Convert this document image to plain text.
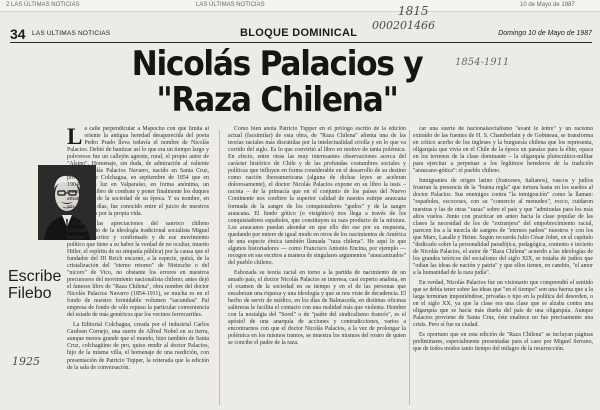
2 LAS ÚLTIMAS NOTICIAS	LAS ÚLTIMAS NOTICIAS	10 de Mayo de 1987
1815
000201466
34 LAS ULTIMAS NOTICIAS	BLOQUE DOMINICAL	Domingo 10 de Mayo de 1987
Nicolás Palacios y
"Raza Chilena"
1854-1911
Escribe
Filebo
1925

La calle perpendicular a Mapocho con que limita al oriente la antigua heredad desaparecida del poeta Pedro Prado lleva todavía el nombre de Nicolás Palacios. Debió de bautizar así lo que era un tiempo largo y polvoroso fue un callejón agreste, rural, el propio autor de "Alsino". Homenaje, sin duda, de admiración al valiente doctor Nicolás Palacios Navarro, nacido en Santa Cruz, provincia de Colchagua, en septiembre de 1854 que en 1904 dio a luz en Valparaíso, en forma anónima, un manuscrito libro de combate y poner finalmente los duques amazónicos de la sociedad de su época. Y su nombre, en sus últimos días, fue conocido entre el juicio de nuestros historiadores por la propia vida.

Contra las apreciaciones del sanroco chileno contradictorio de la ideología tradicional socialista Miguel Serrano (escritor y confirmado y de ese movimiento político que tiene a su haber la verdad de no ocultar, muerto Hitler, el espíritu de su simpatía pública) por la causa que el fundador del III Reich encarnó, a la especie, quizá, de la cristalización del "eterno retorno" de Nietzsche o del "nicoro" de Vico, no obstante los errores en nuestros precursores del movimiento nacionalista chileno; antes dejó el famoso libro de "Raza Chilena", obra nombre del doctor Nicolás Palacios Navarro (1854-1911), se mucha es en el fondo de nuestro formidable volumen "sacumbas" Pal empresa de fondo de sólo repuso la particular conveniencia del estado de más genéricos que los vecinos ferrocarriles.

La Editorial Colchagua, creada por el industrial Carlos Cardoen Cornejo, una suerte de Alfred Nobel en su tierra, aunque menos grande que el mundo, hizo también de Santa Cruz, colchagüino de pro, quiso rendir al doctor Palacios, hijo de la misma villa, el homenaje de una reedición, con presentación de Patricio Tupper, la reiterada que la edición de la sala de conversación.

Como bien anota Patricio Tupper en el prólogo escrito de la edición actual (facsimilar) de esta obra, de "Raza Chilena" alienta una de las teorías raciales más discutidas por la intelectualidad criolla y en lo que va corrido del siglo. Es lo que convirtió al libro en motivo de tanta polémica. En efecto, entre otras las muy interesantes observaciones acerca del carácter histórico de Chile y de las profundas costumbres sociales y políticas que influyen en forma considerable en el desarrollo de su destino como nación iberoamericana (alguna de dichas leyes se aceleran dolorosamente), el doctor Nicolás Palacios expone en su libro la tesis – racista – de la primacía que en el conjunto de los países del Nuevo Continente nos confiere la superior calidad de nuestra estirpe araucana formada de la sangre de los conquistadores "godos" y de la sangre araucana. El fundo gótico (o visigótico) nos llega a través de los conquistadores españoles, que constituyen su raza producto de la mixtura. Los araucanos puedan ahondar en que ello dio ese por su respuesta, quedando por entero de igual modo en otros de los nacimientos de América de una especie étnica también llamada "raza chilena". He aquí lo que algunos historiadores — como Francisco Antonio Encina, por ejemplo — recogen en sus escritos a manera de singulares argumentos "araucanizados" del pueblo chileno.

Esbozada su teoría racial en torno a la partida de nacimiento de un amado país, el doctor Nicolás Palacios se interesa, casi experto analista, en el examen de la sociedad en su tiempo y en el de las personas que encabezan una riqueza y una ideología y que se nos viste de decadencia. El hecho de servir de médico, en los días de Balmaceda, en distintas oficinas salitreras le facilita el contacto con una realidad más que violenta. Hombre con la nostalgia del "Sorel" o de "padre del sindicalismo francés", es el apóstol de una anarquía de acciones y contradicciones, varios a encontrarnos con que el doctor Nicolás Palacios, a la vez de prolongar la polémica en los mismos tramos, se muestra los mismos del rostro de quien se concibe el padre de la raza.

car una suerte de nacionalsocialismo "avant le lettre" y un racismo extraído de las fuentes de H. S. Chamberlain y de Gobineau, se transforma en crítico acerbo de los ingleses y la burguesía chilena que los representa, oligarquía que vivía en el Chile de la época un paraíso para la élite, opaca en los terrenos de la clase dominante – la oligarquía plutocrático-militar para ejercitar a perpetuar a los legítimos herederos de la tradición "araucano-gótica": el pueblo chileno.

Inmigrantes de origen latino (franceses, italianos), vascos y judíos frustran la presencia de la "buena regla" que tortura hasta en los sueños al doctor Palacios. Sus enemigos contra "la inmigración" como la llaman: "españoles, escoceses, con su "comercio al menudeo", rocco, cuidaron nuestras y las de otras "razas" sobre el país y que "admiradas para los más altos vuelos. Junto con practicar un anteo hacia la clase popular de las clases la necesidad de los de "extranjera" del empobrecimiento racial, parecen los a la mezcla de sangres de "eternos padres" nuestros y con los que Marx, Lasalle y Heine. Según recuerda Julio César Jobet, en el capítulo "dedicado sobre la personalidad paradójica, pedagógica, contento e incierto de Nicolás Palacios, el autor de "Raza Chilena" acuerdo a las ideologías de los grandes teóricos del socialismo del siglo XIX, se trataba de judíos que "odian las ideas de nación y patria" y que ellos tienen, en cambio, "el amor a la humanidad de la raza judía".

En verdad, Nicolás Palacios fue un visionario que comprendió el sentido que se debía tener sobre las ideas que "en el tiempo" son una fuerza que a la larga terminan imponiéndose, privadas o tipo en la política del desorden, o en el siglo XX, ya que la clase era una clase que se alzaba contra una oligarquía que se hacía más dueña del país de una oligarquía. Aunque Palacios proviene de Santa Cruz, éste enaltece no fue precisamente una crisis. Pero sí fue su ciudad.

Es oportuno que en esta edición de "Raza Chilena" se incluyan páginas preliminares, especialmente presentadas para el caso por Miguel Serrano, que de todos modos tanto tiempo del milagro de la resurrección.
